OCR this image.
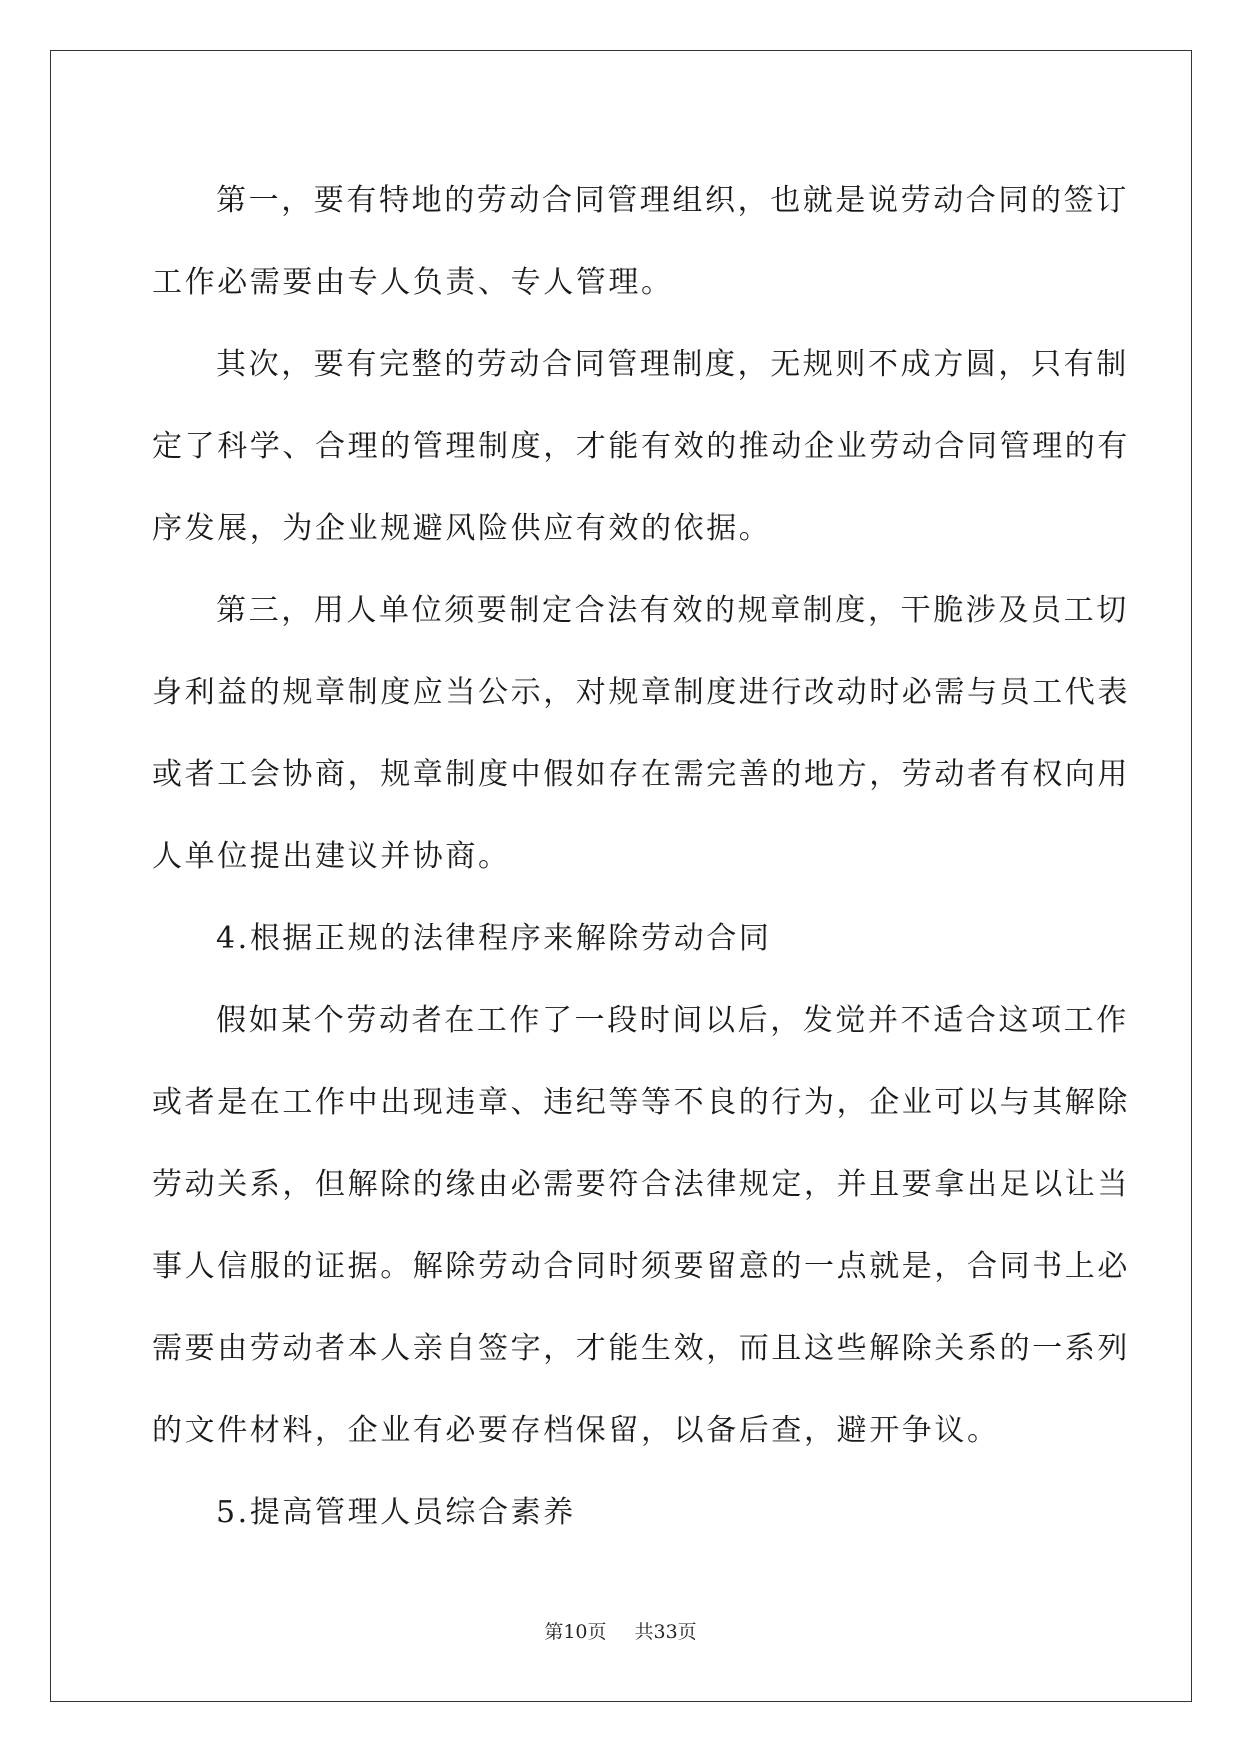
第一，要有特地的劳动合同管理组织，也就是说劳动合同的签订
工作必需要由专人负责、专人管理。

其次，要有完整的劳动合同管理制度，无规则不成方圆，只有制
定了科学、合理的管理制度，才能有效的推动企业劳动合同管理的有
序发展，为企业规避风险供应有效的依据。

第三，用人单位须要制定合法有效的规章制度，干脆涉及员工切
身利益的规章制度应当公示，对规章制度进行改动时必需与员工代表
或者工会协商，规章制度中假如存在需完善的地方，劳动者有权向用
人单位提出建议并协商。

4.根据正规的法律程序来解除劳动合同

假如某个劳动者在工作了一段时间以后，发觉并不适合这项工作
或者是在工作中出现违章、违纪等等不良的行为，企业可以与其解除
劳动关系，但解除的缘由必需要符合法律规定，并且要拿出足以让当
事人信服的证据。解除劳动合同时须要留意的一点就是，合同书上必
需要由劳动者本人亲自签字，才能生效，而且这些解除关系的一系列
的文件材料，企业有必要存档保留，以备后查，避开争议。

5.提高管理人员综合素养

第10页 共33页
